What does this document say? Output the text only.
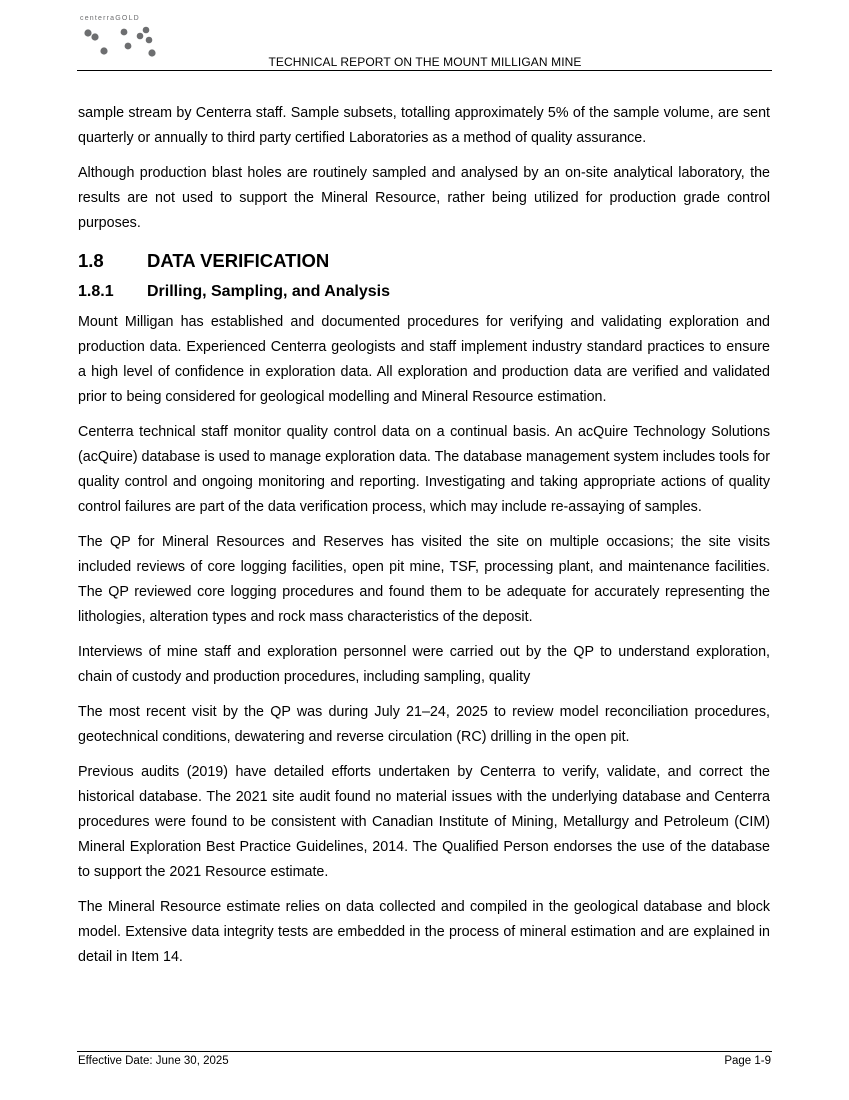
centerraGOLD
TECHNICAL REPORT ON THE MOUNT MILLIGAN MINE

sample stream by Centerra staff. Sample subsets, totalling approximately 5% of the sample volume, are sent quarterly or annually to third party certified Laboratories as a method of quality assurance.

Although production blast holes are routinely sampled and analysed by an on-site analytical laboratory, the results are not used to support the Mineral Resource, rather being utilized for production grade control purposes.

1.8 DATA VERIFICATION
1.8.1 Drilling, Sampling, and Analysis

Mount Milligan has established and documented procedures for verifying and validating exploration and production data. Experienced Centerra geologists and staff implement industry standard practices to ensure a high level of confidence in exploration data. All exploration and production data are verified and validated prior to being considered for geological modelling and Mineral Resource estimation.

Centerra technical staff monitor quality control data on a continual basis. An acQuire Technology Solutions (acQuire) database is used to manage exploration data. The database management system includes tools for quality control and ongoing monitoring and reporting. Investigating and taking appropriate actions of quality control failures are part of the data verification process, which may include re-assaying of samples.

The QP for Mineral Resources and Reserves has visited the site on multiple occasions; the site visits included reviews of core logging facilities, open pit mine, TSF, processing plant, and maintenance facilities. The QP reviewed core logging procedures and found them to be adequate for accurately representing the lithologies, alteration types and rock mass characteristics of the deposit.

Interviews of mine staff and exploration personnel were carried out by the QP to understand exploration, chain of custody and production procedures, including sampling, quality

The most recent visit by the QP was during July 21–24, 2025 to review model reconciliation procedures, geotechnical conditions, dewatering and reverse circulation (RC) drilling in the open pit.

Previous audits (2019) have detailed efforts undertaken by Centerra to verify, validate, and correct the historical database. The 2021 site audit found no material issues with the underlying database and Centerra procedures were found to be consistent with Canadian Institute of Mining, Metallurgy and Petroleum (CIM) Mineral Exploration Best Practice Guidelines, 2014. The Qualified Person endorses the use of the database to support the 2021 Resource estimate.

The Mineral Resource estimate relies on data collected and compiled in the geological database and block model. Extensive data integrity tests are embedded in the process of mineral estimation and are explained in detail in Item 14.

Effective Date: June 30, 2025	Page 1-9
